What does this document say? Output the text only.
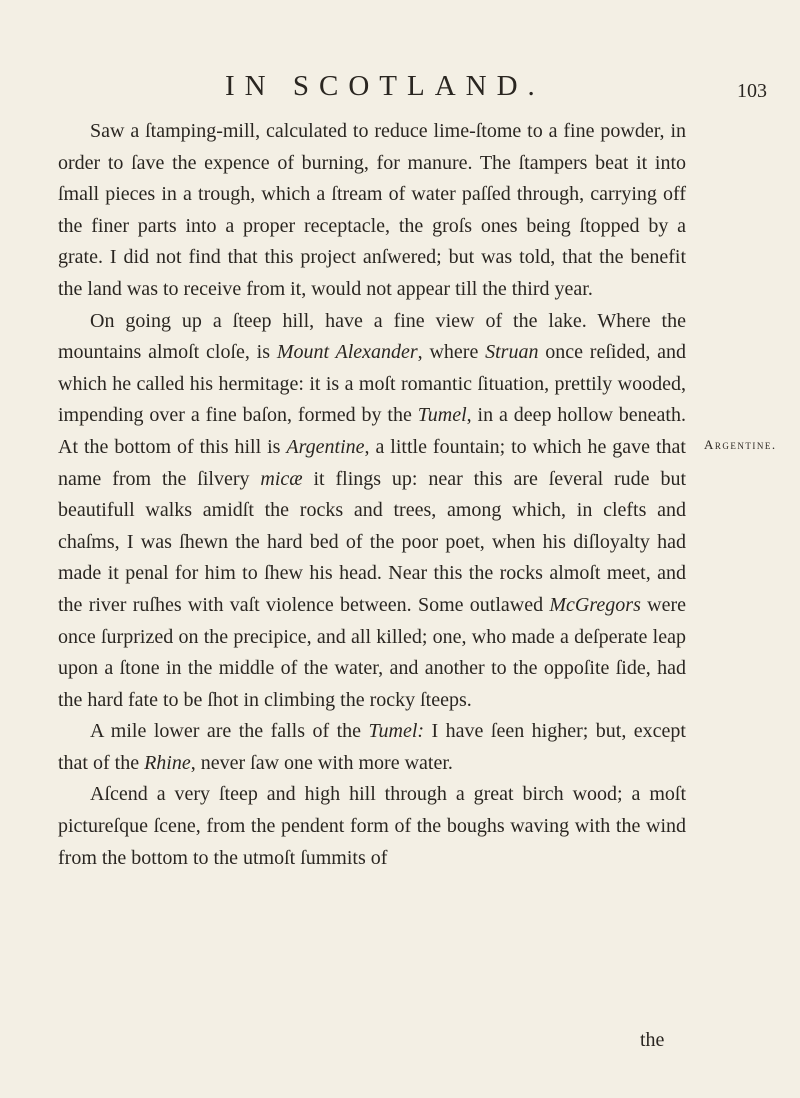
IN SCOTLAND.	103

Saw a ſtamping-mill, calculated to reduce lime-ſtome to a fine powder, in order to ſave the expence of burning, for manure. The ſtampers beat it into ſmall pieces in a trough, which a ſtream of water paſſed through, carrying off the finer parts into a proper receptacle, the groſs ones being ſtopped by a grate. I did not find that this project anſwered; but was told, that the benefit the land was to receive from it, would not appear till the third year.

On going up a ſteep hill, have a fine view of the lake. Where the mountains almoſt cloſe, is Mount Alexander, where Struan once reſided, and which he called his hermitage: it is a moſt romantic ſituation, prettily wooded, impending over a fine baſon, formed by the Tumel, in a deep hollow beneath. At the bottom of this hill is Argentine, a little fountain; to which he gave that name from the ſilvery micæ it flings up: near this are ſeveral rude but beautifull walks amidſt the rocks and trees, among which, in clefts and chaſms, I was ſhewn the hard bed of the poor poet, when his diſloyalty had made it penal for him to ſhew his head. Near this the rocks almoſt meet, and the river ruſhes with vaſt violence between. Some outlawed McGregors were once ſurprized on the precipice, and all killed; one, who made a deſperate leap upon a ſtone in the middle of the water, and another to the oppoſite ſide, had the hard fate to be ſhot in climbing the rocky ſteeps.

A mile lower are the falls of the Tumel: I have ſeen higher; but, except that of the Rhine, never ſaw one with more water.

Aſcend a very ſteep and high hill through a great birch wood; a moſt pictureſque ſcene, from the pendent form of the boughs waving with the wind from the bottom to the utmoſt ſummits of

Argentine.
the
